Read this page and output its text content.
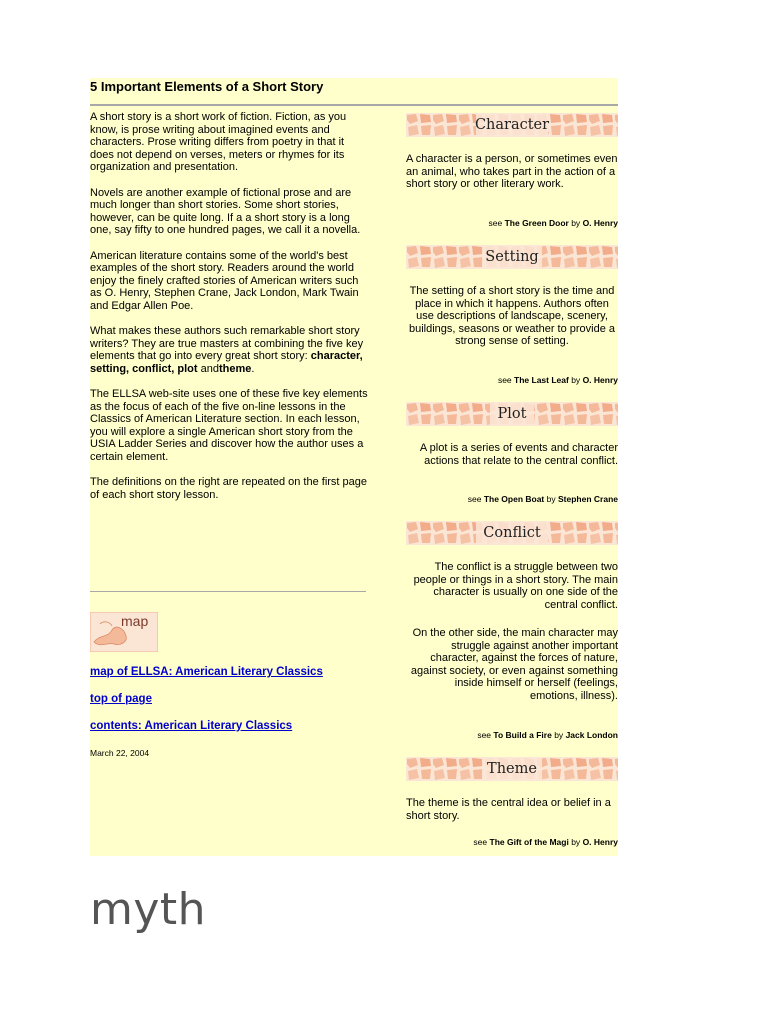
5 Important Elements of a Short Story

A short story is a short work of fiction. Fiction, as you know, is prose writing about imagined events and characters. Prose writing differs from poetry in that it does not depend on verses, meters or rhymes for its organization and presentation.

Novels are another example of fictional prose and are much longer than short stories. Some short stories, however, can be quite long. If a a short story is a long one, say fifty to one hundred pages, we call it a novella.

American literature contains some of the world's best examples of the short story. Readers around the world enjoy the finely crafted stories of American writers such as O. Henry, Stephen Crane, Jack London, Mark Twain and Edgar Allen Poe.

What makes these authors such remarkable short story writers? They are true masters at combining the five key elements that go into every great short story: character, setting, conflict, plot andtheme.

The ELLSA web-site uses one of these five key elements as the focus of each of the five on-line lessons in the Classics of American Literature section. In each lesson, you will explore a single American short story from the USIA Ladder Series and discover how the author uses a certain element.

The definitions on the right are repeated on the first page of each short story lesson.

map
map of ELLSA: American Literary Classics
top of page
contents: American Literary Classics
March 22, 2004
Character
A character is a person, or sometimes even an animal, who takes part in the action of a short story or other literary work.
see The Green Door by O. Henry
Setting
The setting of a short story is the time and place in which it happens. Authors often use descriptions of landscape, scenery, buildings, seasons or weather to provide a strong sense of setting.
see The Last Leaf by O. Henry
Plot
A plot is a series of events and character actions that relate to the central conflict.
see The Open Boat by Stephen Crane
Conflict
The conflict is a struggle between two people or things in a short story. The main character is usually on one side of the central conflict.
On the other side, the main character may struggle against another important character, against the forces of nature, against society, or even against something inside himself or herself (feelings, emotions, illness).
see To Build a Fire by Jack London
Theme
The theme is the central idea or belief in a short story.
see The Gift of the Magi by O. Henry
myth
